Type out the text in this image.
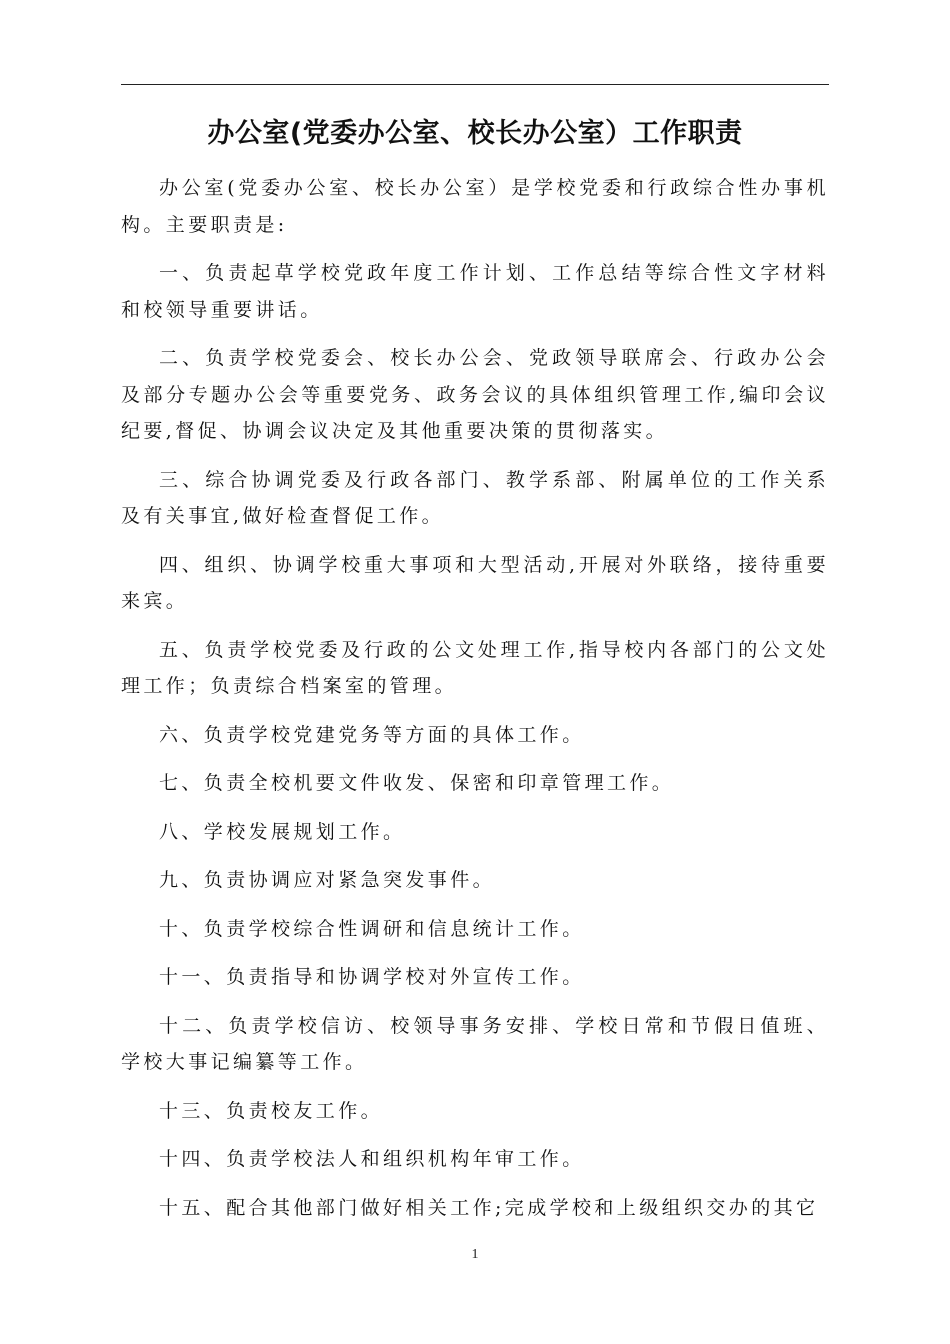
办公室(党委办公室、校长办公室）工作职责

办公室(党委办公室、校长办公室）是学校党委和行政综合性办事机构。主要职责是:

一、负责起草学校党政年度工作计划、工作总结等综合性文字材料和校领导重要讲话。

二、负责学校党委会、校长办公会、党政领导联席会、行政办公会及部分专题办公会等重要党务、政务会议的具体组织管理工作,编印会议纪要,督促、协调会议决定及其他重要决策的贯彻落实。

三、综合协调党委及行政各部门、教学系部、附属单位的工作关系及有关事宜,做好检查督促工作。

四、组织、协调学校重大事项和大型活动,开展对外联络，接待重要来宾。

五、负责学校党委及行政的公文处理工作,指导校内各部门的公文处理工作；负责综合档案室的管理。

六、负责学校党建党务等方面的具体工作。

七、负责全校机要文件收发、保密和印章管理工作。

八、学校发展规划工作。

九、负责协调应对紧急突发事件。

十、负责学校综合性调研和信息统计工作。

十一、负责指导和协调学校对外宣传工作。

十二、负责学校信访、校领导事务安排、学校日常和节假日值班、学校大事记编纂等工作。

十三、负责校友工作。

十四、负责学校法人和组织机构年审工作。

十五、配合其他部门做好相关工作;完成学校和上级组织交办的其它

1
